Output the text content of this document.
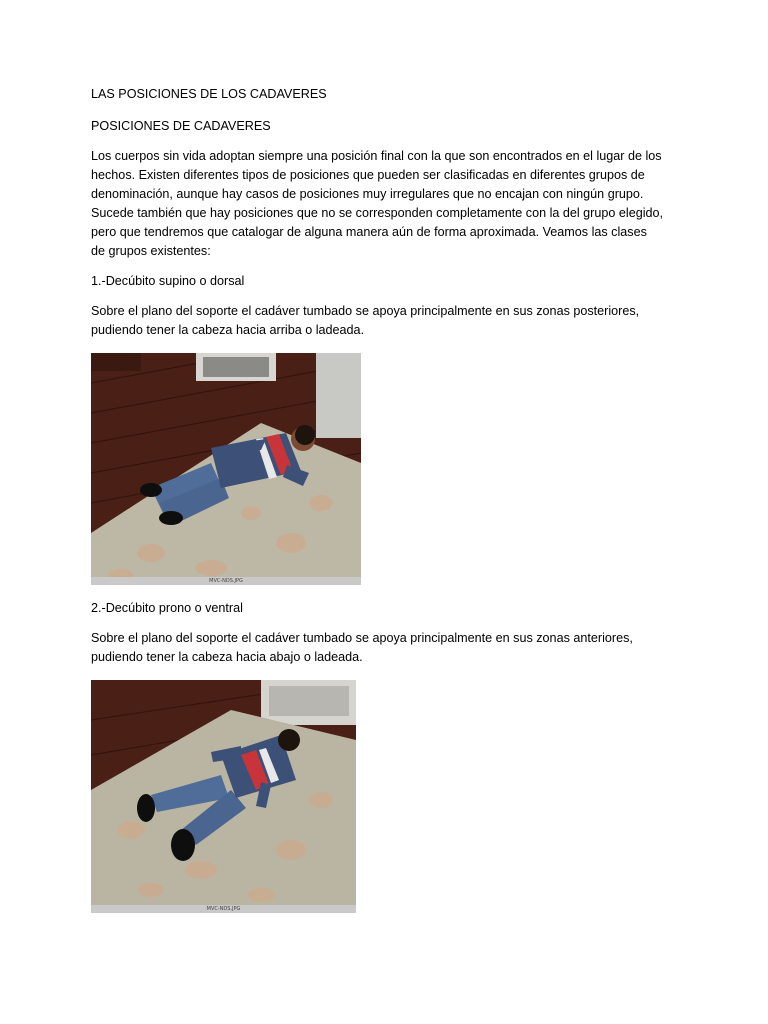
LAS POSICIONES DE LOS CADAVERES

POSICIONES DE CADAVERES

Los cuerpos sin vida adoptan siempre una posición final con la que son encontrados en el lugar de los hechos. Existen diferentes tipos de posiciones que pueden ser clasificadas en diferentes grupos de denominación, aunque hay casos de posiciones muy irregulares que no encajan con ningún grupo. Sucede también que hay posiciones que no se corresponden completamente con la del grupo elegido, pero que tendremos que catalogar de alguna manera aún de forma aproximada. Veamos las clases de grupos existentes:

1.-Decúbito supino o dorsal

Sobre el plano del soporte el cadáver tumbado se apoya principalmente en sus zonas posteriores, pudiendo tener la cabeza hacia arriba o ladeada.

MVC-NDS.JPG

2.-Decúbito prono o ventral

Sobre el plano del soporte el cadáver tumbado se apoya principalmente en sus zonas anteriores, pudiendo tener la cabeza hacia abajo o ladeada.

MVC-NDS.JPG
